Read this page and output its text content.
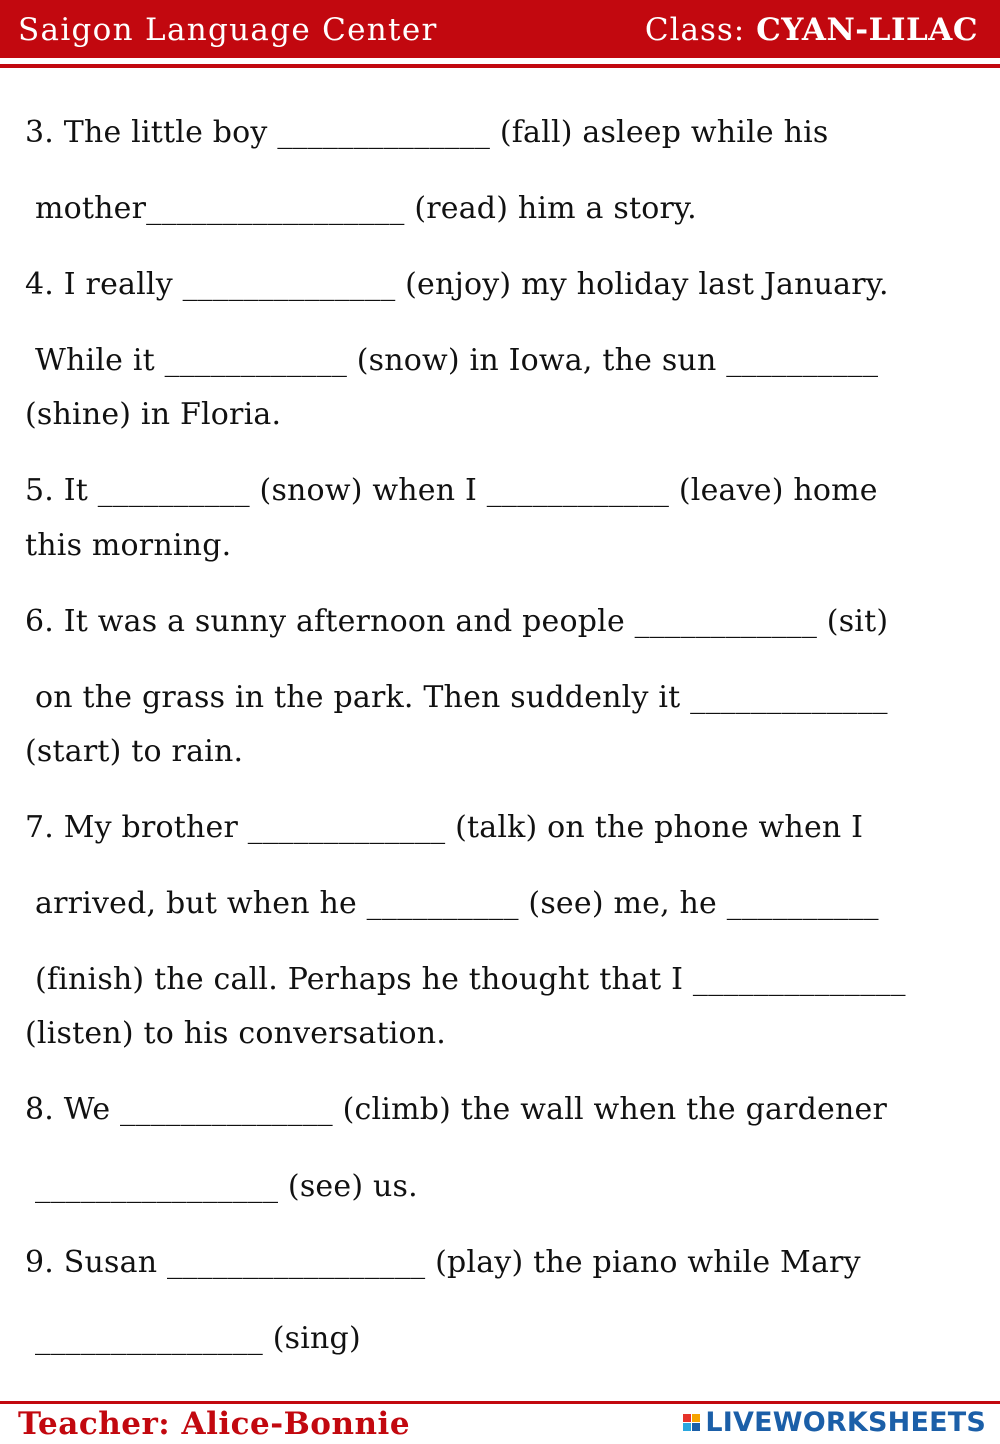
Saigon Language Center	Class: CYAN-LILAC
3. The little boy ______________ (fall) asleep while his
mother_________________ (read) him a story.
4. I really ______________ (enjoy) my holiday last January.
While it ____________ (snow) in Iowa, the sun __________
(shine) in Floria.
5. It __________ (snow) when I ____________ (leave) home
this morning.
6. It was a sunny afternoon and people ____________ (sit)
on the grass in the park. Then suddenly it _____________
(start) to rain.
7. My brother _____________ (talk) on the phone when I
arrived, but when he __________ (see) me, he __________
(finish) the call. Perhaps he thought that I ______________
(listen) to his conversation.
8. We ______________ (climb) the wall when the gardener
________________ (see) us.
9. Susan _________________ (play) the piano while Mary
_______________ (sing)
Teacher: Alice-Bonnie	LIVEWORKSHEETS
